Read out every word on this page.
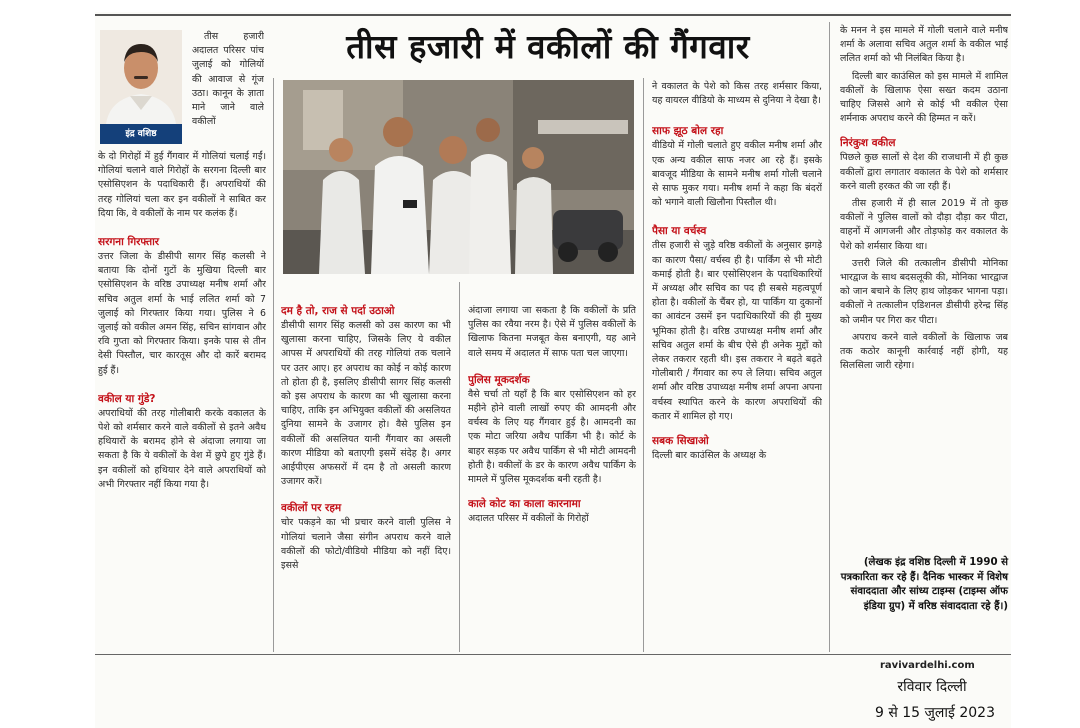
तीस हजारी में वकीलों की गैंगवार
इंद्र वशिष्ठ

तीस हजारी अदालत परिसर पांच जुलाई को गोलियों की आवाज से गूंज उठा। कानून के ज्ञाता माने जाने वाले वकीलों

के दो गिरोहों में हुई गैंगवार में गोलियां चलाई गईं। गोलियां चलाने वाले गिरोहों के सरगना दिल्ली बार एसोसिएशन के पदाधिकारी हैं। अपराधियों की तरह गोलियां चला कर इन वकीलों ने साबित कर दिया कि, वे वकीलों के नाम पर कलंक हैं।

सरगना गिरफ्तार

उत्तर जिला के डीसीपी सागर सिंह कलसी ने बताया कि दोनों गुटों के मुखिया दिल्ली बार एसोसिएशन के वरिष्ठ उपाध्यक्ष मनीष शर्मा और सचिव अतुल शर्मा के भाई ललित शर्मा को 7 जुलाई को गिरफ्तार किया गया। पुलिस ने 6 जुलाई को वकील अमन सिंह, सचिन सांगवान और रवि गुप्ता को गिरफ्तार किया। इनके पास से तीन देसी पिस्तौल, चार कारतूस और दो कारें बरामद हुई हैं।

वकील या गुंडे?

अपराधियों की तरह गोलीबारी करके वकालत के पेशे को शर्मसार करने वाले वकीलों से इतने अवैध हथियारों के बरामद होने से अंदाजा लगाया जा सकता है कि ये वकीलों के वेश में छुपे हुए गुंडे हैं। इन वकीलों को हथियार देने वाले अपराधियों को अभी गिरफ्तार नहीं किया गया है।

दम है तो, राज से पर्दा उठाओ

डीसीपी सागर सिंह कलसी को उस कारण का भी खुलासा करना चाहिए, जिसके लिए ये वकील आपस में अपराधियों की तरह गोलियां तक चलाने पर उतर आए। हर अपराध का कोई न कोई कारण तो होता ही है, इसलिए डीसीपी सागर सिंह कलसी को इस अपराध के कारण का भी खुलासा करना चाहिए, ताकि इन अभियुक्त वकीलों की असलियत दुनिया सामने के उजागर हो। वैसे पुलिस इन वकीलों की असलियत यानी गैंगवार का असली कारण मीडिया को बताएगी इसमें संदेह है। अगर आईपीएस अफसरों में दम है तो असली कारण उजागर करें।

वकीलों पर रहम

चोर पकड़ने का भी प्रचार करने वाली पुलिस ने गोलियां चलाने जैसा संगीन अपराध करने वाले वकीलों की फोटो/वीडियो मीडिया को नहीं दिए। इससे

अंदाजा लगाया जा सकता है कि वकीलों के प्रति पुलिस का रवैया नरम है। ऐसे में पुलिस वकीलों के खिलाफ कितना मजबूत केस बनाएगी, यह आने वाले समय में अदालत में साफ पता चल जाएगा।

पुलिस मूकदर्शक

वैसे चर्चा तो यहाँ है कि बार एसोसिएशन को हर महीने होने वाली लाखों रुपए की आमदनी और वर्चस्व के लिए यह गैंगवार हुई है। आमदनी का एक मोटा जरिया अवैध पार्किंग भी है। कोर्ट के बाहर सड़क पर अवैध पार्किंग से भी मोटी आमदनी होती है। वकीलों के डर के कारण अवैध पार्किंग के मामले में पुलिस मूकदर्शक बनी रहती है।

काले कोट का काला कारनामा

अदालत परिसर में वकीलों के गिरोहों

ने वकालत के पेशे को किस तरह शर्मसार किया, यह वायरल वीडियो के माध्यम से दुनिया ने देखा है।

साफ झूठ बोल रहा

वीडियो में गोली चलाते हुए वकील मनीष शर्मा और एक अन्य वकील साफ नजर आ रहे हैं। इसके बावजूद मीडिया के सामने मनीष शर्मा गोली चलाने से साफ मुकर गया। मनीष शर्मा ने कहा कि बंदरों को भगाने वाली खिलौना पिस्तौल थी।

पैसा या वर्चस्व

तीस हजारी से जुड़े वरिष्ठ वकीलों के अनुसार झगड़े का कारण पैसा/ वर्चस्व ही है। पार्किंग से भी मोटी कमाई होती है। बार एसोसिएशन के पदाधिकारियों में अध्यक्ष और सचिव का पद ही सबसे महत्वपूर्ण होता है। वकीलों के चैंबर हो, या पार्किंग या दुकानों का आवंटन उसमें इन पदाधिकारियों की ही मुख्य भूमिका होती है। वरिष्ठ उपाध्यक्ष मनीष शर्मा और सचिव अतुल शर्मा के बीच ऐसे ही अनेक मुद्दों को लेकर तकरार रहती थी। इस तकरार ने बढ़ते बढ़ते गोलीबारी / गैंगवार का रुप ले लिया। सचिव अतुल शर्मा और वरिष्ठ उपाध्यक्ष मनीष शर्मा अपना अपना वर्चस्व स्थापित करने के कारण अपराधियों की कतार में शामिल हो गए।

सबक सिखाओ

दिल्ली बार काउंसिल के अध्यक्ष के

के मनन ने इस मामले में गोली चलाने वाले मनीष शर्मा के अलावा सचिव अतुल शर्मा के वकील भाई ललित शर्मा को भी निलंबित किया है।

दिल्ली बार काउंसिल को इस मामले में शामिल वकीलों के खिलाफ ऐसा सख्त कदम उठाना चाहिए जिससे आगे से कोई भी वकील ऐसा शर्मनाक अपराध करने की हिम्मत न करें।

निरंकुश वकील

पिछले कुछ सालों से देश की राजधानी में ही कुछ वकीलों द्वारा लगातार वकालत के पेशे को शर्मसार करने वाली हरकत की जा रही हैं।

तीस हजारी में ही साल 2019 में तो कुछ वकीलों ने पुलिस वालों को दौड़ा दौड़ा कर पीटा, वाहनों में आगजनी और तोड़फोड़ कर वकालत के पेशे को शर्मसार किया था।

उत्तरी जिले की तत्कालीन डीसीपी मोनिका भारद्वाज के साथ बदसलूकी की, मोनिका भारद्वाज को जान बचाने के लिए हाथ जोड़कर भागना पड़ा। वकीलों ने तत्कालीन एडिशनल डीसीपी हरेन्द्र सिंह को जमीन पर गिरा कर पीटा।

अपराध करने वाले वकीलों के खिलाफ जब तक कठोर कानूनी कार्रवाई नहीं होगी, यह सिलसिला जारी रहेगा।

(लेखक इंद्र वशिष्ठ दिल्ली में 1990 से पत्रकारिता कर रहे हैं। दैनिक भास्कर में विशेष संवाददाता और सांध्य टाइम्स (टाइम्स ऑफ इंडिया ग्रुप) में वरिष्ठ संवाददाता रहे हैं।)
ravivardelhi.com
रविवार दिल्ली
9 से 15 जुलाई 2023
